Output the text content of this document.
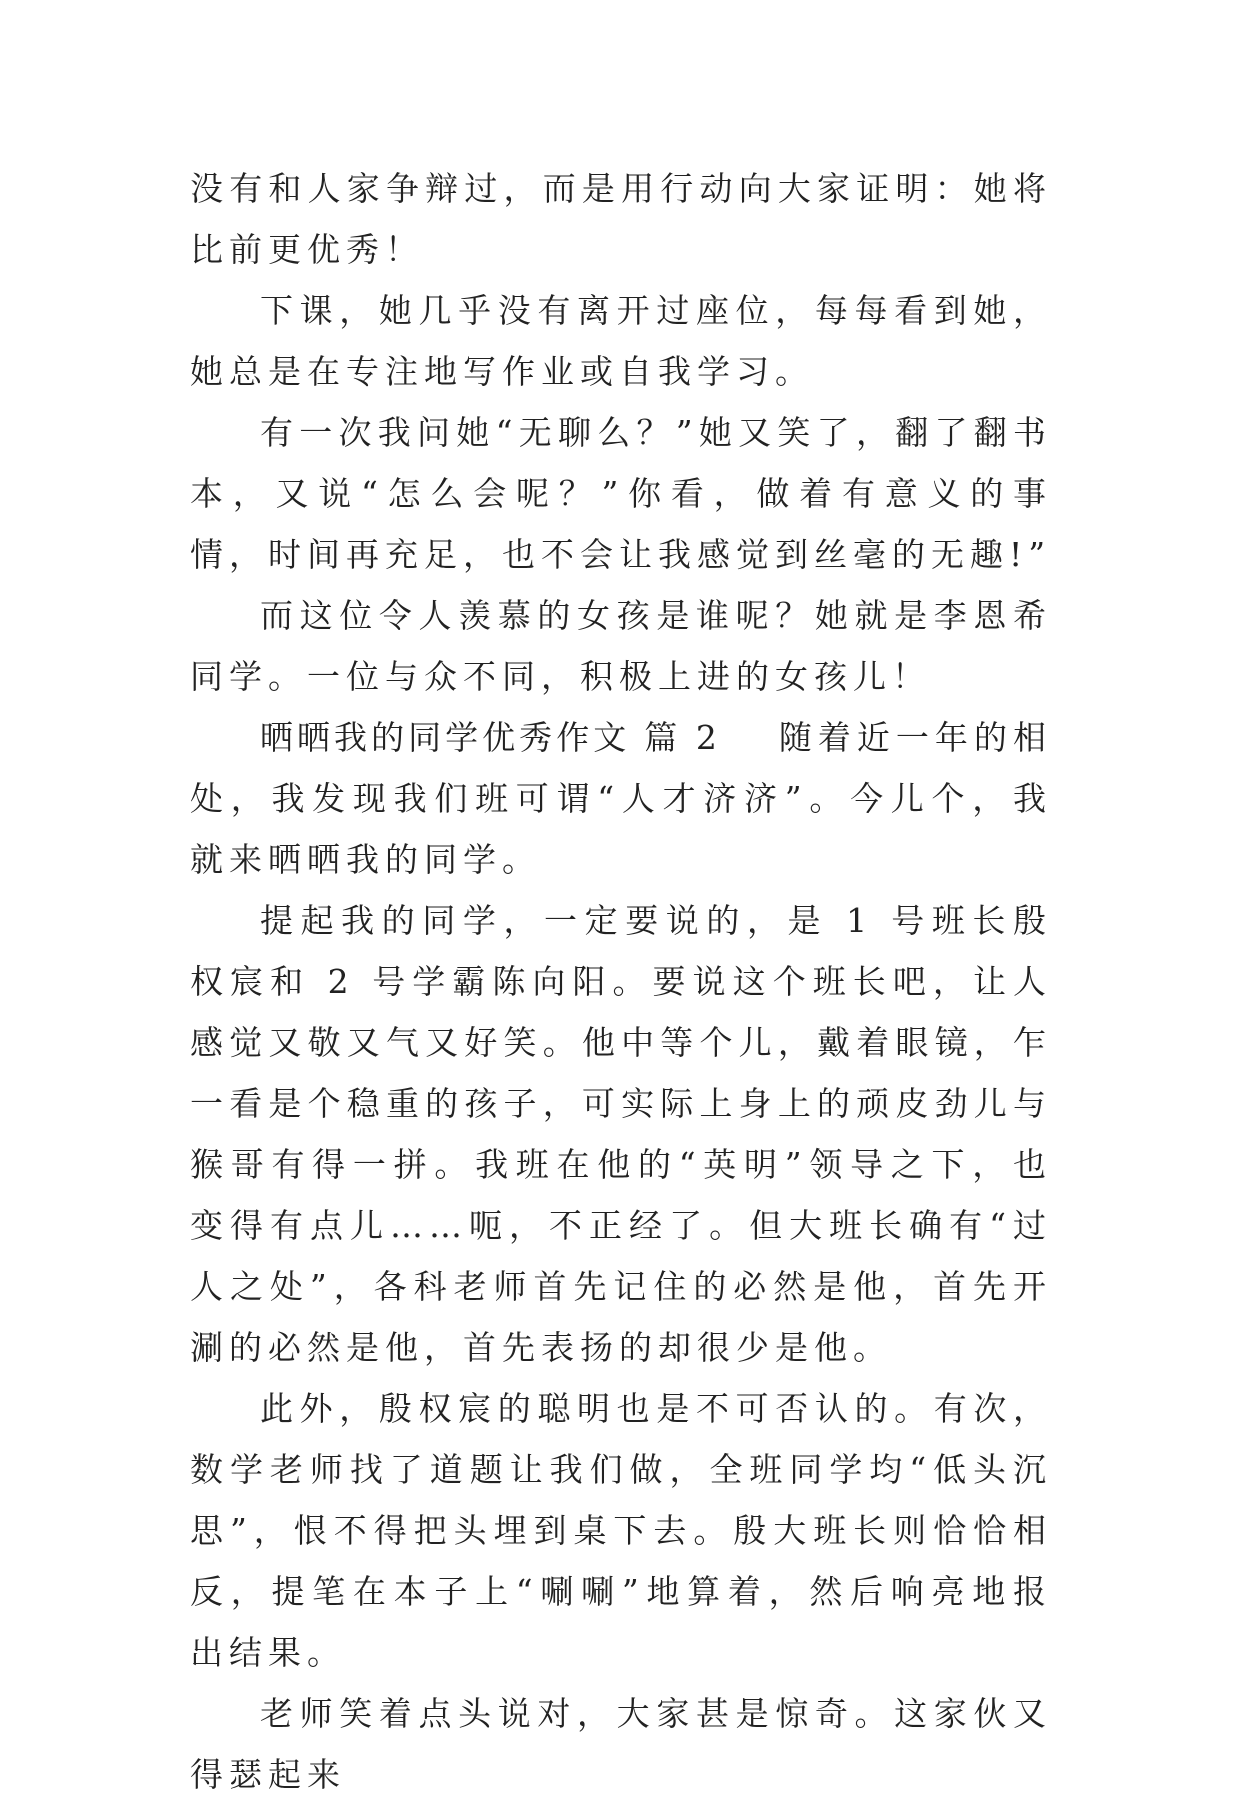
没有和人家争辩过，而是用行动向大家证明：她将比前更优秀！

下课，她几乎没有离开过座位，每每看到她，她总是在专注地写作业或自我学习。

有一次我问她“无聊么？”她又笑了，翻了翻书本，又说“怎么会呢？”你看，做着有意义的事情，时间再充足，也不会让我感觉到丝毫的无趣!”

而这位令人羡慕的女孩是谁呢？她就是李恩希同学。一位与众不同，积极上进的女孩儿！

晒晒我的同学优秀作文 篇 2 随着近一年的相处，我发现我们班可谓“人才济济”。今儿个，我就来晒晒我的同学。

提起我的同学，一定要说的，是 1 号班长殷权宸和 2 号学霸陈向阳。要说这个班长吧，让人感觉又敬又气又好笑。他中等个儿，戴着眼镜，乍一看是个稳重的孩子，可实际上身上的顽皮劲儿与猴哥有得一拼。我班在他的“英明”领导之下，也变得有点儿……呃，不正经了。但大班长确有“过人之处”，各科老师首先记住的必然是他，首先开涮的必然是他，首先表扬的却很少是他。

此外，殷权宸的聪明也是不可否认的。有次，数学老师找了道题让我们做，全班同学均“低头沉思”，恨不得把头埋到桌下去。殷大班长则恰恰相反，提笔在本子上“唰唰”地算着，然后响亮地报出结果。

老师笑着点头说对，大家甚是惊奇。这家伙又得瑟起来
